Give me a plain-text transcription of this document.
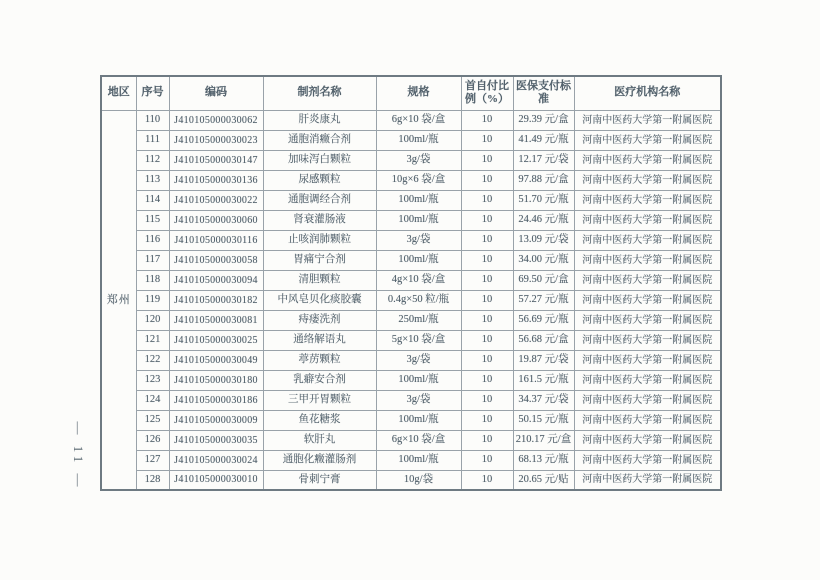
— 11 —
地区	序号	编码	制剂名称	规格	首自付比例（%）	医保支付标准	医疗机构名称
郑州	110	J410105000030062	肝炎康丸	6g×10 袋/盒	10	29.39 元/盒	河南中医药大学第一附属医院
	111	J410105000030023	通胞消癥合剂	100ml/瓶	10	41.49 元/瓶	河南中医药大学第一附属医院
	112	J410105000030147	加味泻白颗粒	3g/袋	10	12.17 元/袋	河南中医药大学第一附属医院
	113	J410105000030136	尿感颗粒	10g×6 袋/盒	10	97.88 元/盒	河南中医药大学第一附属医院
	114	J410105000030022	通胞调经合剂	100ml/瓶	10	51.70 元/瓶	河南中医药大学第一附属医院
	115	J410105000030060	肾衰灌肠液	100ml/瓶	10	24.46 元/瓶	河南中医药大学第一附属医院
	116	J410105000030116	止咳润肺颗粒	3g/袋	10	13.09 元/袋	河南中医药大学第一附属医院
	117	J410105000030058	胃痛宁合剂	100ml/瓶	10	34.00 元/瓶	河南中医药大学第一附属医院
	118	J410105000030094	清胆颗粒	4g×10 袋/盒	10	69.50 元/盒	河南中医药大学第一附属医院
	119	J410105000030182	中风皂贝化痰胶囊	0.4g×50 粒/瓶	10	57.27 元/瓶	河南中医药大学第一附属医院
	120	J410105000030081	痔瘘洗剂	250ml/瓶	10	56.69 元/瓶	河南中医药大学第一附属医院
	121	J410105000030025	通络解语丸	5g×10 袋/盒	10	56.68 元/盒	河南中医药大学第一附属医院
	122	J410105000030049	葶苈颗粒	3g/袋	10	19.87 元/袋	河南中医药大学第一附属医院
	123	J410105000030180	乳癖安合剂	100ml/瓶	10	161.5 元/瓶	河南中医药大学第一附属医院
	124	J410105000030186	三甲开胃颗粒	3g/袋	10	34.37 元/袋	河南中医药大学第一附属医院
	125	J410105000030009	鱼花糖浆	100ml/瓶	10	50.15 元/瓶	河南中医药大学第一附属医院
	126	J410105000030035	软肝丸	6g×10 袋/盒	10	210.17 元/盒	河南中医药大学第一附属医院
	127	J410105000030024	通胞化癥灌肠剂	100ml/瓶	10	68.13 元/瓶	河南中医药大学第一附属医院
	128	J410105000030010	骨刺宁膏	10g/袋	10	20.65 元/贴	河南中医药大学第一附属医院
